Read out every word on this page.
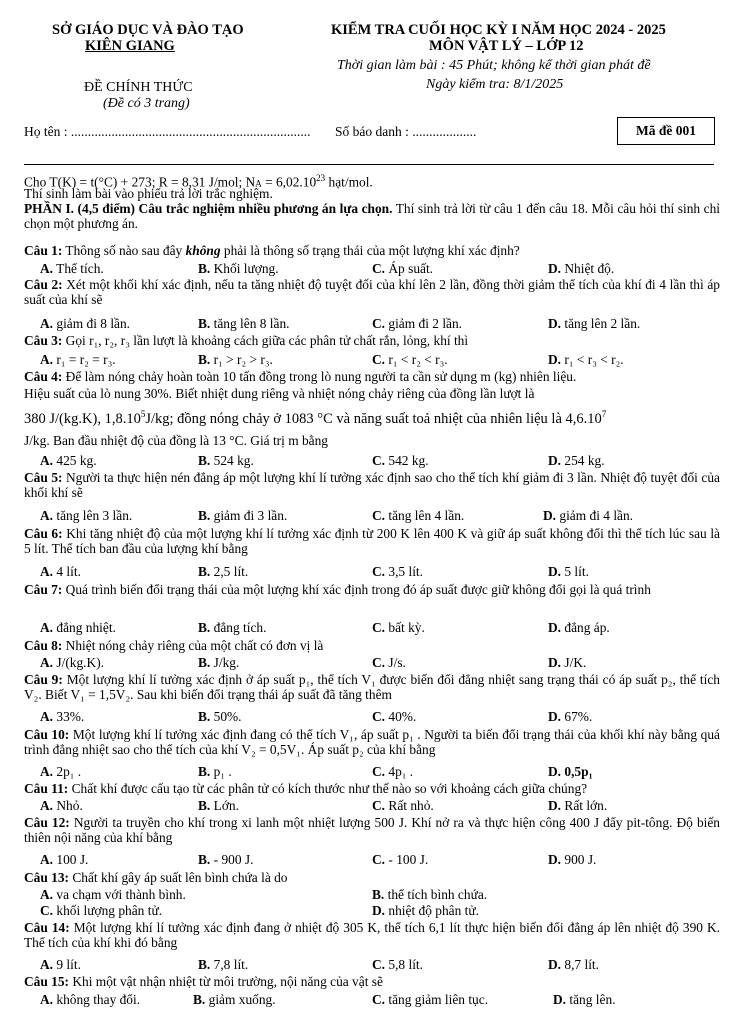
SỞ GIÁO DỤC VÀ ĐÀO TẠO
KIÊN GIANG
ĐỀ CHÍNH THỨC
(Đề có 3 trang)
KIỂM TRA CUỐI HỌC KỲ I NĂM HỌC 2024 - 2025
MÔN VẬT LÝ – LỚP 12
Thời gian làm bài : 45 Phút; không kể thời gian phát đề
Ngày kiểm tra: 8/1/2025
Họ tên : ....................................................................... Số báo danh : ...................	Mã đề 001
Cho T(K) = t(°C) + 273; R = 8,31 J/mol; NA = $6,02.10^{23}$ hạt/mol.
Thí sinh làm bài vào phiếu trả lời trắc nghiệm.
PHẦN I. (4,5 điểm) Câu trắc nghiệm nhiều phương án lựa chọn. Thí sinh trả lời từ câu 1 đến câu 18. Mỗi câu hỏi thí sinh chỉ chọn một phương án.
Câu 1: Thông số nào sau đây không phải là thông số trạng thái của một lượng khí xác định?
A. Thể tích.	B. Khối lượng.	C. Áp suất.	D. Nhiệt độ.
Câu 2: Xét một khối khí xác định, nếu ta tăng nhiệt độ tuyệt đối của khí lên 2 lần, đồng thời giảm thể tích của khí đi 4 lần thì áp suất của khí sẽ
A. giảm đi 8 lần.	B. tăng lên 8 lần.	C. giảm đi 2 lần.	D. tăng lên 2 lần.
Câu 3: Gọi r₁, r₂, r₃ lần lượt là khoảng cách giữa các phân tử chất rắn, lỏng, khí thì
A. r₁ = r₂ = r₃.	B. r₁ > r₂ > r₃.	C. r₁ < r₂ < r₃.	D. r₁ < r₃ < r₂.
Câu 4: Để làm nóng chảy hoàn toàn 10 tấn đồng trong lò nung người ta cần sử dụng m (kg) nhiên liệu.
Hiệu suất của lò nung 30%. Biết nhiệt dung riêng và nhiệt nóng chảy riêng của đồng lần lượt là
380 J/(kg.K), 1,8.10$^5$J/kg; đồng nóng chảy ở 1083 °C và năng suất toả nhiệt của nhiên liệu là 4,6.10$^7$
J/kg. Ban đầu nhiệt độ của đồng là 13 °C. Giá trị m bằng
A. 425 kg.	B. 524 kg.	C. 542 kg.	D. 254 kg.
Câu 5: Người ta thực hiện nén đẳng áp một lượng khí lí tưởng xác định sao cho thể tích khí giảm đi 3 lần. Nhiệt độ tuyệt đối của khối khí sẽ
A. tăng lên 3 lần.	B. giảm đi 3 lần.	C. tăng lên 4 lần.	D. giảm đi 4 lần.
Câu 6: Khi tăng nhiệt độ của một lượng khí lí tưởng xác định từ 200 K lên 400 K và giữ áp suất không đổi thì thể tích lúc sau là 5 lít. Thể tích ban đầu của lượng khí bằng
A. 4 lít.	B. 2,5 lít.	C. 3,5 lít.	D. 5 lít.
Câu 7: Quá trình biến đổi trạng thái của một lượng khí xác định trong đó áp suất được giữ không đổi gọi là quá trình
A. đẳng nhiệt.	B. đẳng tích.	C. bất kỳ.	D. đẳng áp.
Câu 8: Nhiệt nóng chảy riêng của một chất có đơn vị là
A. J/(kg.K).	B. J/kg.	C. J/s.	D. J/K.
Câu 9: Một lượng khí lí tưởng xác định ở áp suất p₁, thể tích V₁ được biến đổi đẳng nhiệt sang trạng thái có áp suất p₂, thể tích V₂. Biết V₁ = 1,5V₂. Sau khi biến đổi trạng thái áp suất đã tăng thêm
A. 33%.	B. 50%.	C. 40%.	D. 67%.
Câu 10: Một lượng khí lí tưởng xác định đang có thể tích V₁, áp suất p₁ . Người ta biến đổi trạng thái của khối khí này bằng quá trình đẳng nhiệt sao cho thể tích của khí V₂ = 0,5V₁. Áp suất p₂ của khí bằng
A. 2p₁ .	B. p₁ .	C. 4p₁ .	D. 0,5p₁
Câu 11: Chất khí được cấu tạo từ các phân tử có kích thước như thế nào so với khoảng cách giữa chúng?
A. Nhỏ.	B. Lớn.	C. Rất nhỏ.	D. Rất lớn.
Câu 12: Người ta truyền cho khí trong xi lanh một nhiệt lượng 500 J. Khí nở ra và thực hiện công 400 J đẩy pit-tông. Độ biến thiên nội năng của khí bằng
A. 100 J.	B. - 900 J.	C. - 100 J.	D. 900 J.
Câu 13: Chất khí gây áp suất lên bình chứa là do
A. va chạm với thành bình.	B. thể tích bình chứa.
C. khối lượng phân tử.	D. nhiệt độ phân tử.
Câu 14: Một lượng khí lí tưởng xác định đang ở nhiệt độ 305 K, thể tích 6,1 lít thực hiện biến đổi đẳng áp lên nhiệt độ 390 K. Thể tích của khí khi đó bằng
A. 9 lít.	B. 7,8 lít.	C. 5,8 lít.	D. 8,7 lít.
Câu 15: Khi một vật nhận nhiệt từ môi trường, nội năng của vật sẽ
A. không thay đổi.	B. giảm xuống.	C. tăng giảm liên tục.	D. tăng lên.
